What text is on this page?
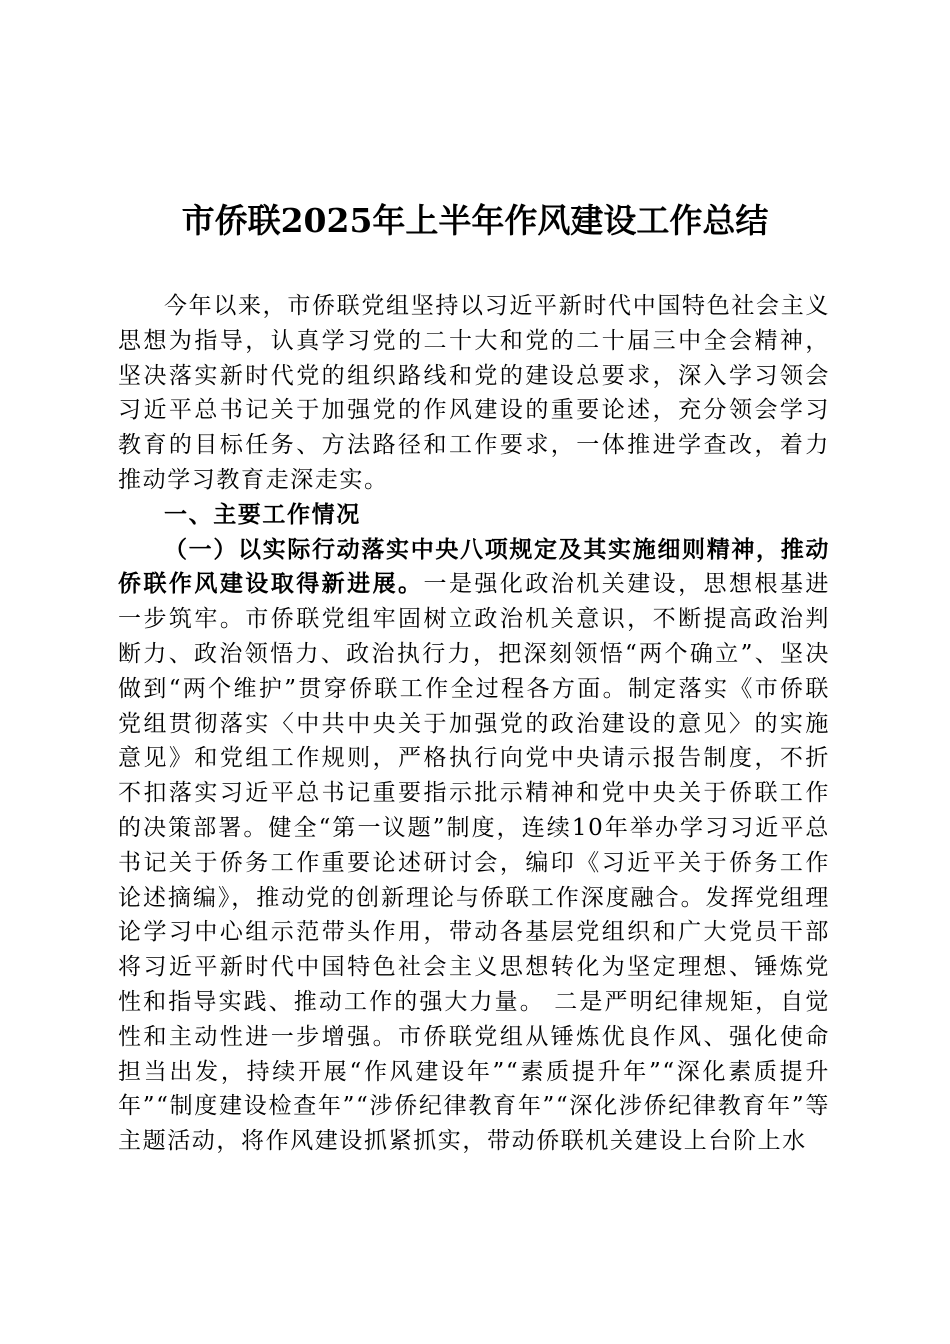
市侨联2025年上半年作风建设工作总结

今年以来，市侨联党组坚持以习近平新时代中国特色社会主义思想为指导，认真学习党的二十大和党的二十届三中全会精神，坚决落实新时代党的组织路线和党的建设总要求，深入学习领会习近平总书记关于加强党的作风建设的重要论述，充分领会学习教育的目标任务、方法路径和工作要求，一体推进学查改，着力推动学习教育走深走实。

一、主要工作情况

（一）以实际行动落实中央八项规定及其实施细则精神，推动侨联作风建设取得新进展。一是强化政治机关建设，思想根基进一步筑牢。市侨联党组牢固树立政治机关意识，不断提高政治判断力、政治领悟力、政治执行力，把深刻领悟“两个确立”、坚决做到“两个维护”贯穿侨联工作全过程各方面。制定落实《市侨联党组贯彻落实〈中共中央关于加强党的政治建设的意见〉的实施意见》和党组工作规则，严格执行向党中央请示报告制度，不折不扣落实习近平总书记重要指示批示精神和党中央关于侨联工作的决策部署。健全“第一议题”制度，连续10年举办学习习近平总书记关于侨务工作重要论述研讨会，编印《习近平关于侨务工作论述摘编》，推动党的创新理论与侨联工作深度融合。发挥党组理论学习中心组示范带头作用，带动各基层党组织和广大党员干部将习近平新时代中国特色社会主义思想转化为坚定理想、锤炼党性和指导实践、推动工作的强大力量。 二是严明纪律规矩，自觉性和主动性进一步增强。市侨联党组从锤炼优良作风、强化使命担当出发，持续开展“作风建设年”“素质提升年”“深化素质提升年”“制度建设检查年”“涉侨纪律教育年”“深化涉侨纪律教育年”等主题活动，将作风建设抓紧抓实，带动侨联机关建设上台阶上水
